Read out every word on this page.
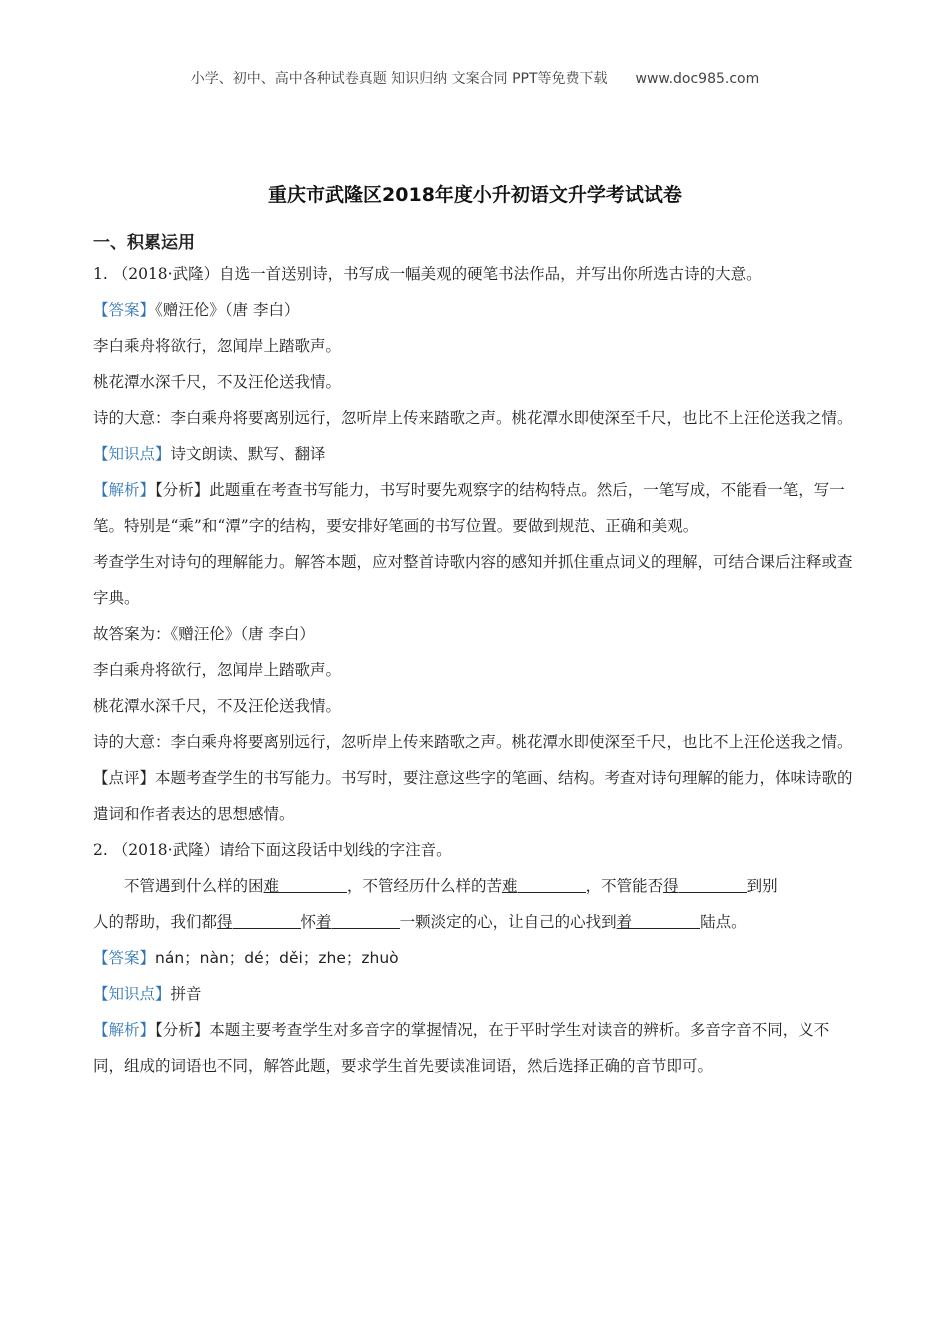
小学、初中、高中各种试卷真题 知识归纳 文案合同 PPT等免费下载 www.doc985.com
重庆市武隆区2018年度小升初语文升学考试试卷

一、积累运用

1. （2018·武隆）自选一首送别诗，书写成一幅美观的硬笔书法作品，并写出你所选古诗的大意。

【答案】《赠汪伦》（唐 李白）

李白乘舟将欲行，忽闻岸上踏歌声。

桃花潭水深千尺，不及汪伦送我情。

诗的大意：李白乘舟将要离别远行，忽听岸上传来踏歌之声。桃花潭水即使深至千尺，也比不上汪伦送我之情。

【知识点】诗文朗读、默写、翻译

【解析】【分析】此题重在考查书写能力，书写时要先观察字的结构特点。然后，一笔写成，不能看一笔，写一笔。特别是“乘”和“潭”字的结构，要安排好笔画的书写位置。要做到规范、正确和美观。

考查学生对诗句的理解能力。解答本题，应对整首诗歌内容的感知并抓住重点词义的理解，可结合课后注释或查字典。

故答案为：《赠汪伦》（唐 李白）

李白乘舟将欲行，忽闻岸上踏歌声。

桃花潭水深千尺，不及汪伦送我情。

诗的大意：李白乘舟将要离别远行，忽听岸上传来踏歌之声。桃花潭水即使深至千尺，也比不上汪伦送我之情。

【点评】本题考查学生的书写能力。书写时，要注意这些字的笔画、结构。考查对诗句理解的能力，体味诗歌的遣词和作者表达的思想感情。

2. （2018·武隆）请给下面这段话中划线的字注音。

不管遇到什么样的困难	，不管经历什么样的苦难	，不管能否得	到别

人的帮助，我们都得	怀着	一颗淡定的心，让自己的心找到着	陆点。

【答案】nán；nàn；dé；děi；zhe；zhuò

【知识点】拼音

【解析】【分析】本题主要考查学生对多音字的掌握情况，在于平时学生对读音的辨析。多音字音不同，义不同，组成的词语也不同，解答此题，要求学生首先要读准词语，然后选择正确的音节即可。
